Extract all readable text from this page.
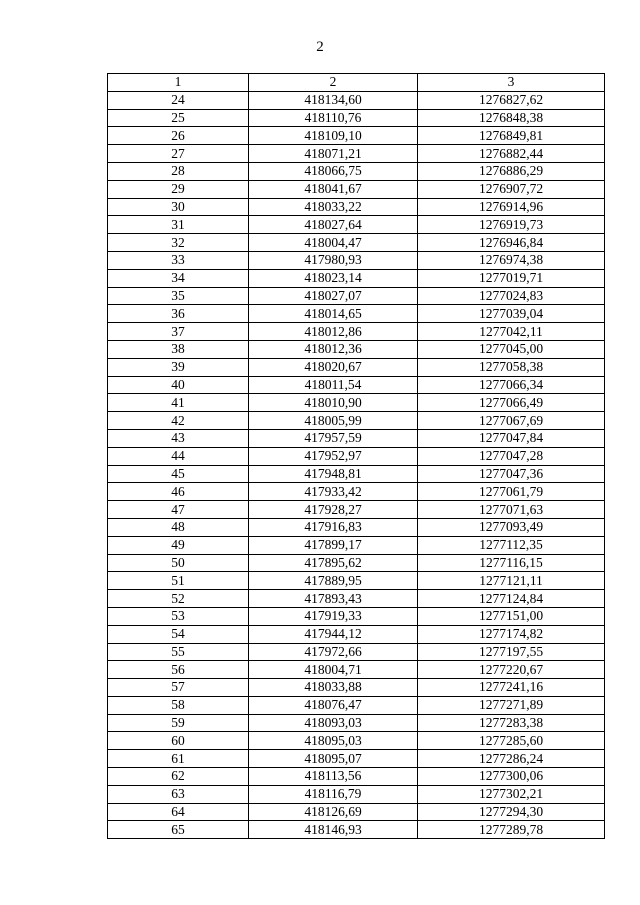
2
1	2	3
24	418134,60	1276827,62
25	418110,76	1276848,38
26	418109,10	1276849,81
27	418071,21	1276882,44
28	418066,75	1276886,29
29	418041,67	1276907,72
30	418033,22	1276914,96
31	418027,64	1276919,73
32	418004,47	1276946,84
33	417980,93	1276974,38
34	418023,14	1277019,71
35	418027,07	1277024,83
36	418014,65	1277039,04
37	418012,86	1277042,11
38	418012,36	1277045,00
39	418020,67	1277058,38
40	418011,54	1277066,34
41	418010,90	1277066,49
42	418005,99	1277067,69
43	417957,59	1277047,84
44	417952,97	1277047,28
45	417948,81	1277047,36
46	417933,42	1277061,79
47	417928,27	1277071,63
48	417916,83	1277093,49
49	417899,17	1277112,35
50	417895,62	1277116,15
51	417889,95	1277121,11
52	417893,43	1277124,84
53	417919,33	1277151,00
54	417944,12	1277174,82
55	417972,66	1277197,55
56	418004,71	1277220,67
57	418033,88	1277241,16
58	418076,47	1277271,89
59	418093,03	1277283,38
60	418095,03	1277285,60
61	418095,07	1277286,24
62	418113,56	1277300,06
63	418116,79	1277302,21
64	418126,69	1277294,30
65	418146,93	1277289,78
